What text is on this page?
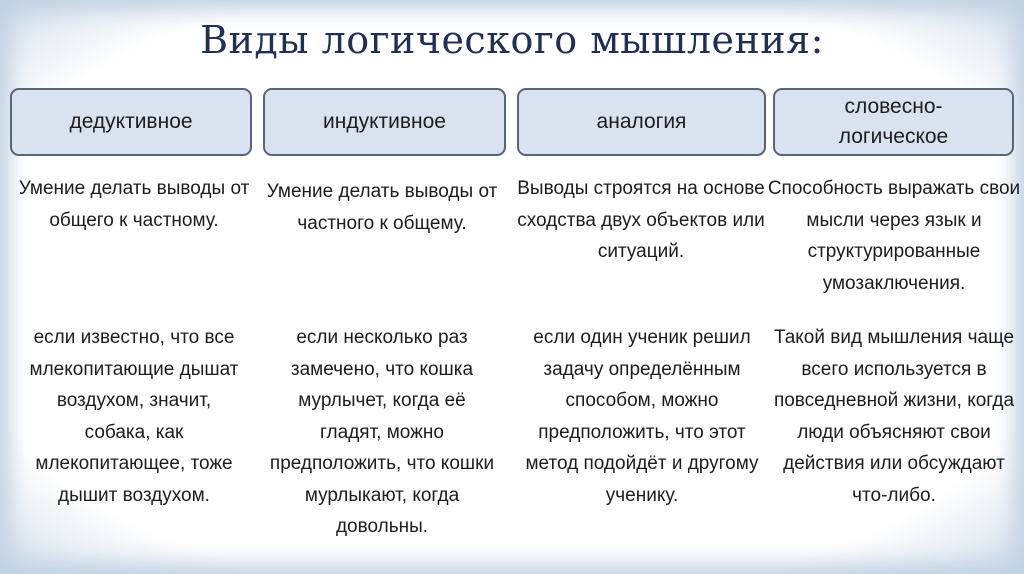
Виды логического мышления:
дедуктивное	индуктивное	аналогия
словесно-логическое
Умение делать выводы от общего к частному.
Умение делать выводы от частного к общему.
Выводы строятся на основе сходства двух объектов или ситуаций.
Способность выражать свои мысли через язык и структурированные умозаключения.
если известно, что все млекопитающие дышат воздухом, значит, собака, как млекопитающее, тоже дышит воздухом.
если несколько раз замечено, что кошка мурлычет, когда её гладят, можно предположить, что кошки мурлыкают, когда довольны.
если один ученик решил задачу определённым способом, можно предположить, что этот метод подойдёт и другому ученику.
Такой вид мышления чаще всего используется в повседневной жизни, когда люди объясняют свои действия или обсуждают что-либо.
